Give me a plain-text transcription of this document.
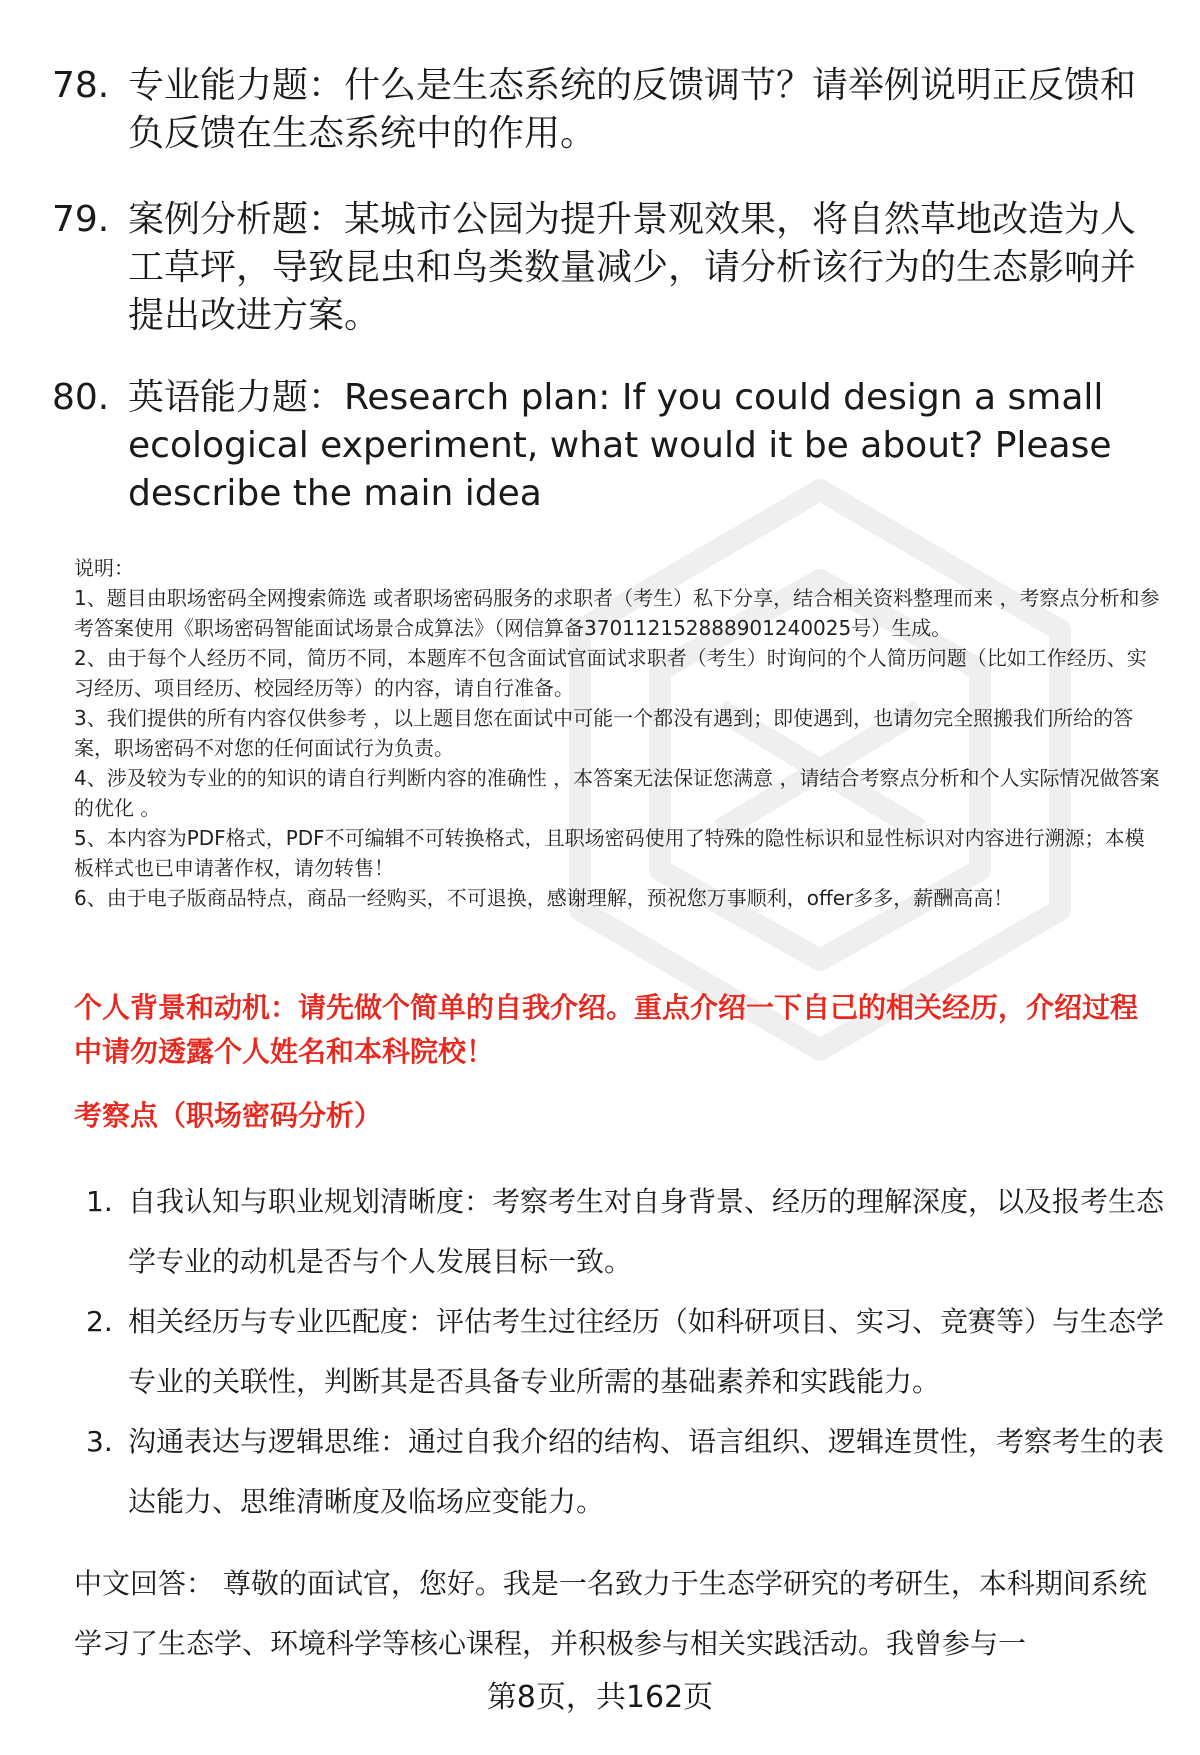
78. 专业能力题：什么是生态系统的反馈调节？请举例说明正反馈和负反馈在生态系统中的作用。
79. 案例分析题：某城市公园为提升景观效果，将自然草地改造为人工草坪，导致昆虫和鸟类数量减少，请分析该行为的生态影响并提出改进方案。
80. 英语能力题：Research plan: If you could design a small ecological experiment, what would it be about? Please describe the main idea

说明：

1、题目由职场密码全网搜索筛选 或者职场密码服务的求职者（考生）私下分享，结合相关资料整理而来 ，考察点分析和参考答案使用《职场密码智能面试场景合成算法》（网信算备370112152888901240025号）生成。

2、由于每个人经历不同，简历不同，本题库不包含面试官面试求职者（考生）时询问的个人简历问题（比如工作经历、实习经历、项目经历、校园经历等）的内容，请自行准备。

3、我们提供的所有内容仅供参考 ，以上题目您在面试中可能一个都没有遇到；即使遇到，也请勿完全照搬我们所给的答案，职场密码不对您的任何面试行为负责。

4、涉及较为专业的的知识的请自行判断内容的准确性 ，本答案无法保证您满意 ，请结合考察点分析和个人实际情况做答案的优化 。

5、本内容为PDF格式，PDF不可编辑不可转换格式，且职场密码使用了特殊的隐性标识和显性标识对内容进行溯源；本模板样式也已申请著作权，请勿转售！

6、由于电子版商品特点，商品一经购买，不可退换，感谢理解，预祝您万事顺利，offer多多，薪酬高高！

个人背景和动机：请先做个简单的自我介绍。重点介绍一下自己的相关经历，介绍过程中请勿透露个人姓名和本科院校！
考察点（职场密码分析）
1. 自我认知与职业规划清晰度：考察考生对自身背景、经历的理解深度，以及报考生态学专业的动机是否与个人发展目标一致。
2. 相关经历与专业匹配度：评估考生过往经历（如科研项目、实习、竞赛等）与生态学专业的关联性，判断其是否具备专业所需的基础素养和实践能力。
3. 沟通表达与逻辑思维：通过自我介绍的结构、语言组织、逻辑连贯性，考察考生的表达能力、思维清晰度及临场应变能力。
中文回答： 尊敬的面试官，您好。我是一名致力于生态学研究的考研生，本科期间系统学习了生态学、环境科学等核心课程，并积极参与相关实践活动。我曾参与一
第8页，共162页
